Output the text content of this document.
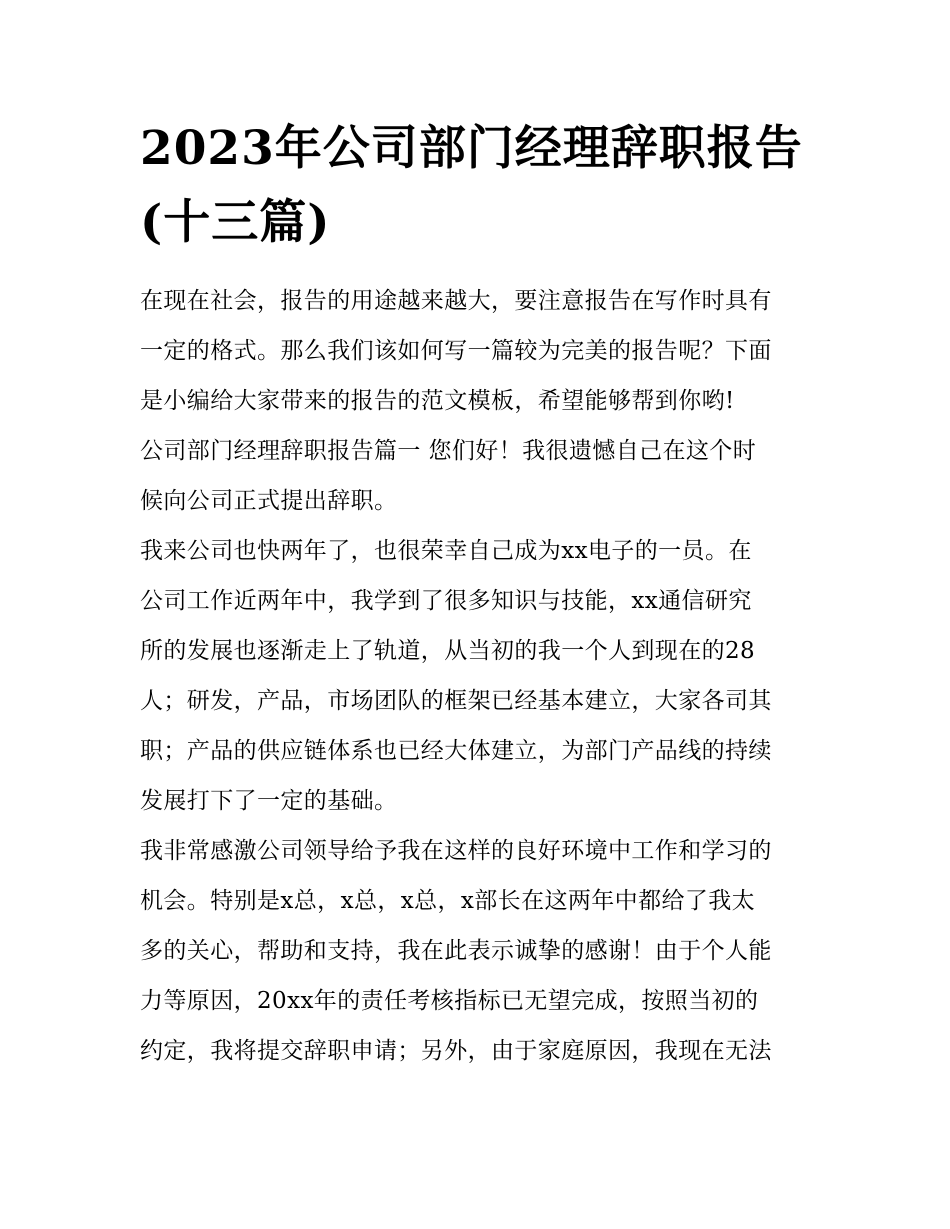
2023年公司部门经理辞职报告
(十三篇)
在现在社会，报告的用途越来越大，要注意报告在写作时具有
一定的格式。那么我们该如何写一篇较为完美的报告呢？下面
是小编给大家带来的报告的范文模板，希望能够帮到你哟!
公司部门经理辞职报告篇一 您们好！我很遗憾自己在这个时
候向公司正式提出辞职。
我来公司也快两年了，也很荣幸自己成为xx电子的一员。在
公司工作近两年中，我学到了很多知识与技能，xx通信研究
所的发展也逐渐走上了轨道，从当初的我一个人到现在的28
人；研发，产品，市场团队的框架已经基本建立，大家各司其
职；产品的供应链体系也已经大体建立，为部门产品线的持续
发展打下了一定的基础。
我非常感激公司领导给予我在这样的良好环境中工作和学习的
机会。特别是x总，x总，x总，x部长在这两年中都给了我太
多的关心，帮助和支持，我在此表示诚挚的感谢！由于个人能
力等原因，20xx年的责任考核指标已无望完成，按照当初的
约定，我将提交辞职申请；另外，由于家庭原因，我现在无法
